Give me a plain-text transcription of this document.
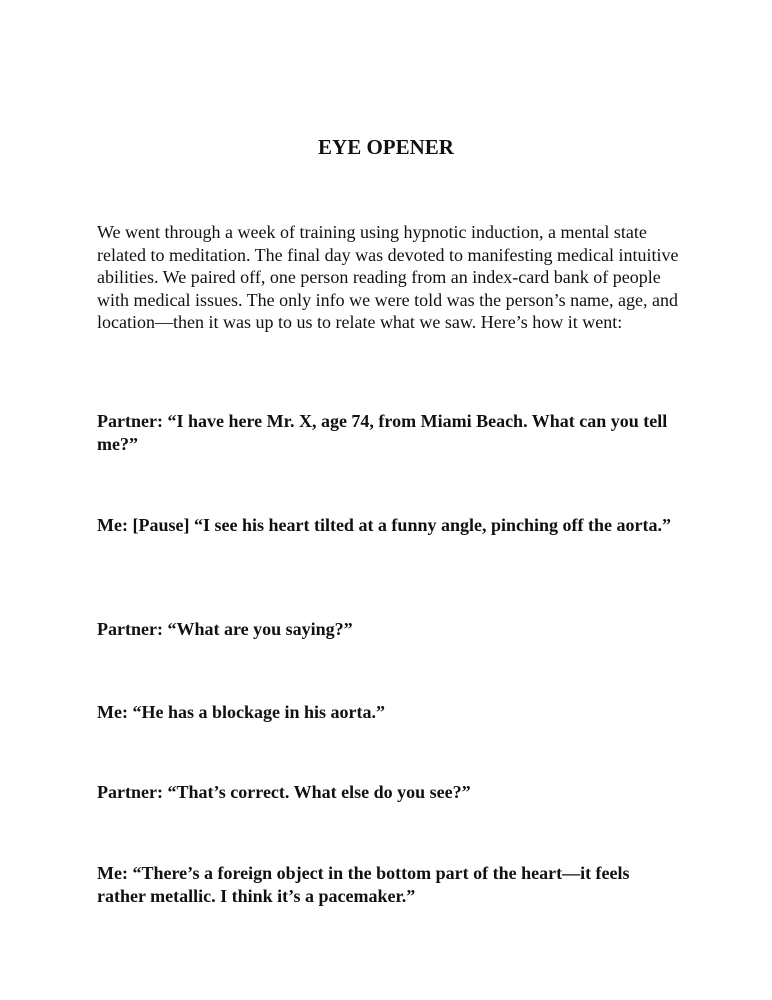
EYE OPENER

We went through a week of training using hypnotic induction, a mental state related to meditation. The final day was devoted to manifesting medical intuitive abilities. We paired off, one person reading from an index-card bank of people with medical issues. The only info we were told was the person’s name, age, and location—then it was up to us to relate what we saw. Here’s how it went:

Partner: “I have here Mr. X, age 74, from Miami Beach. What can you tell me?”

Me: [Pause] “I see his heart tilted at a funny angle, pinching off the aorta.”

Partner: “What are you saying?”

Me: “He has a blockage in his aorta.”

Partner: “That’s correct. What else do you see?”

Me: “There’s a foreign object in the bottom part of the heart—it feels rather metallic. I think it’s a pacemaker.”
